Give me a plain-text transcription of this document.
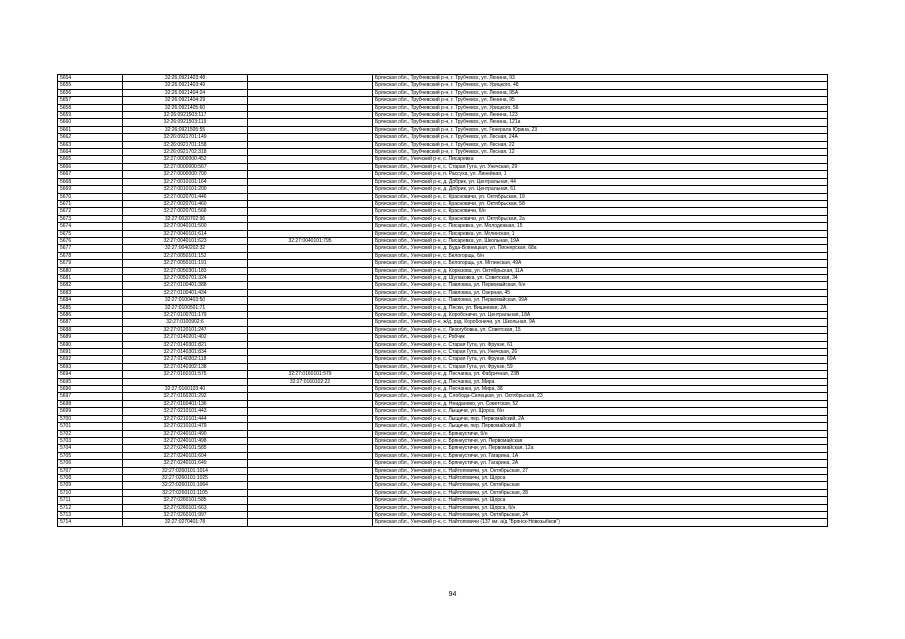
5654	32:26:0921403:48		Брянская обл., Трубчевский р-н, г. Трубчевск, ул. Ленина, 93
5655	32:26:0921403:49		Брянская обл., Трубчевский р-н, г. Трубчевск, ул. Урицкого, 48
5656	32:26:0921404:24		Брянская обл., Трубчевский р-н, г. Трубчевск, ул. Ленина, 95А
5657	32:26:0921404:29		Брянская обл., Трубчевский р-н, г. Трубчевск, ул. Ленина, 95
5658	32:26:0921405:60		Брянская обл., Трубчевский р-н, г. Трубчевск, ул. Урицкого, 56
5659	32:26:0921503:117		Брянская обл., Трубчевский р-н, г. Трубчевск, ул. Ленина, 123
5660	32:26:0921503:119		Брянская обл., Трубчевский р-н, г. Трубчевск, ул. Ленина, 121а
5661	32:26:0921505:55		Брянская обл., Трубчевский р-н, г. Трубчевск, ул. Генерала Юрина, 23
5662	32:26:0921701:149		Брянская обл., Трубчевский р-н, г. Трубчевск, ул. Лесная, 24А
5663	32:26:0921701:158		Брянская обл., Трубчевский р-н, г. Трубчевск, ул. Лесная, 22
5664	32:26:0921702:318		Брянская обл., Трубчевский р-н, г. Трубчевск, ул. Лесная, 12
5665	32:27:0000000:452		Брянская обл., Унечский р-н, с. Писаревка
5666	32:27:0000000:567		Брянская обл., Унечский р-н, с. Старая Гута, ул. Унечская, 29
5667	32:27:0000000:700		Брянская обл., Унечский р-н, п. Рассуха, ул. Линейная, 1
5668	32:27:0010101:164		Брянская обл., Унечский р-н, д. Добрик, ул. Центральная, 44
5669	32:27:0010101:200		Брянская обл., Унечский р-н, д. Добрик, ул. Центральная, 61
5670	32:27:0020701:446		Брянская обл., Унечский р-н, с. Красновичи, ул. Октябрьская, 19
5671	32:27:0020701:460		Брянская обл., Унечский р-н, с. Красновичи, ул. Октябрьская, 58
5672	32:27:0020701:568		Брянская обл., Унечский р-н, с. Красновичи, б/н
5673	32:27:0020702:96		Брянская обл., Унечский р-н, с. Красновичи, ул. Октябрьская, 2а
5674	32:27:0040101:500		Брянская обл., Унечский р-н, с. Писаревка, ул. Молодежная, 15
5675	32:27:0040101:614		Брянская обл., Унечский р-н, с. Писаревка, ул. Мглинская, 1
5676	32:27:0040101:623	32:27:0040101:795	Брянская обл., Унечский р-н, с. Писаревка, ул. Школьная, 19А
5677	32:27:0040202:32		Брянская обл., Унечский р-н, д. Буда-Вовницкая, ул. Пионерская, 68а
5678	32:27:0050101:152		Брянская обл., Унечский р-н, с. Белогорщь, б/н
5679	32:27:0050101:191		Брянская обл., Унечский р-н, с. Белогорщь, ул. Мглинская, 49А
5680	32:27:0050301:183		Брянская обл., Унечский р-н, д. Корюзова, ул. Октябрьская, 11А
5681	32:27:0050701:324		Брянская обл., Унечский р-н, д. Шулаковка, ул. Советская, 34
5682	32:27:0100401:388		Брянская обл., Унечский р-н, с. Павловка, ул. Первомайская, б/н
5683	32:27:0100401:434		Брянская обл., Унечский р-н, с. Павловка, ул. Озерная, 45
5684	32:27:0100403:50		Брянская обл., Унечский р-н, с. Павловка, ул. Первомайская, 99А
5685	32:27:0100501:71		Брянская обл., Унечский р-н, д. Пески, ул. Вишневая, 2А
5686	32:27:0100701:179		Брянская обл., Унечский р-н, д. Коробоничи, ул. Центральная, 18А
5687	32:27:0100902:6		Брянская обл., Унечский р-н, ж/д. рзд. Коробоничи, ул. Школьная, 9А
5688	32:27:0120101:247		Брянская обл., Унечский р-н, с. Лизогубовка, ул. Советская, 15
5689	32:27:0140201:402		Брянская обл., Унечский р-н, с. Робчик
5690	32:27:0140301:821		Брянская обл., Унечский р-н, с. Старая Гута, ул. Фрунзе, 61
5691	32:27:0140301:834		Брянская обл., Унечский р-н, с. Старая Гута, ул. Унечская, 26
5692	32:27:0140302:118		Брянская обл., Унечский р-н, с. Старая Гута, ул. Фрунзе, 69А
5693	32:27:0140302:138		Брянская обл., Унечский р-н, с. Старая Гута, ул. Фрунзе, 59
5694	32:27:0160101:575	32:27:0160101:579	Брянская обл., Унечский р-н, д. Песчанка, ул. Фабричная, 23В
5695		32:27:0160102:22	Брянская обл., Унечский р-н, д. Песчанка, ул. Мира
5696	32:27:0160103:40		Брянская обл., Унечский р-н, д. Песчанка, ул. Мира, 38
5697	32:27:0160201:292		Брянская обл., Унечский р-н, д. Слобода-Селецкая, ул. Октябрьская, 23
5698	32:27:0160401:136		Брянская обл., Унечский р-н, д. Неиданово, ул. Советская, 52
5699	32:27:0210101:443		Брянская обл., Унечский р-н, с. Лыщичи, ул. Щорса, б/н
5700	32:27:0210101:444		Брянская обл., Унечский р-н, с. Лыщичи, пер. Первомайский, 2А
5701	32:27:0210101:479		Брянская обл., Унечский р-н, с. Лыщичи, пер. Первомайский, 8
5702	32:27:0240101:490		Брянская обл., Унечский р-н, с. Брянкустичи, б/н
5703	32:27:0240101:498		Брянская обл., Унечский р-н, с. Брянкустичи, ул. Первомайская
5704	32:27:0240101:585		Брянская обл., Унечский р-н, с. Брянкустичи, ул. Первомайская, 12а
5705	32:27:0240101:604		Брянская обл., Унечский р-н, с. Брянкустичи, ул. Гагарина, 1А
5706	32:27:0240101:649		Брянская обл., Унечский р-н, с. Брянкустичи, ул. Гагарина, 2А
5707	32:27:0260101:1014		Брянская обл., Унечский р-н, с. Найтоповичи, ул. Октябрьская, 27
5708	32:27:0260101:1025		Брянская обл., Унечский р-н, с. Найтоповичи, ул. Щорса
5709	32:27:0260101:1064		Брянская обл., Унечский р-н, с. Найтоповичи, ул. Октябрьская
5710	32:27:0260101:1105		Брянская обл., Унечский р-н, с. Найтоповичи, ул. Октябрьская, 28
5711	32:27:0260101:585		Брянская обл., Унечский р-н, с. Найтоповичи, ул. Щорса
5712	32:27:0260101:663		Брянская обл., Унечский р-н, с. Найтоповичи, ул. Щорса, б/н
5713	32:27:0260101:997		Брянская обл., Унечский р-н, с. Найтоповичи, ул. Октябрьская, 24
5714	32:27:0270401:78		Брянская обл., Унечский р-н, с. Найтоповичи (137 км. а/д "Брянск-Новозыбков")
94
